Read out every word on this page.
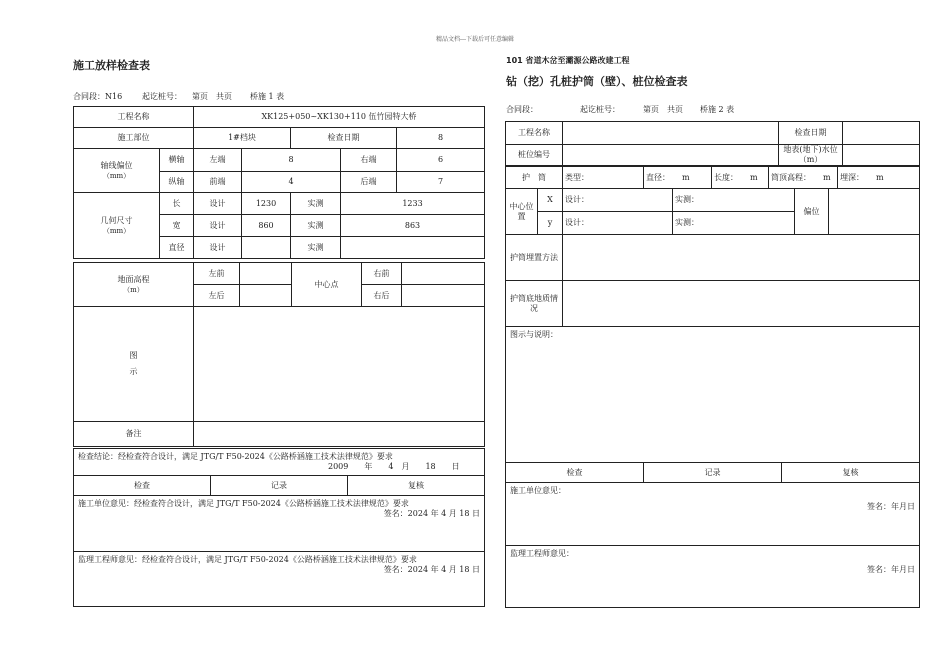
精品文档---下载后可任意编辑
施工放样检查表
合同段：N16 起讫桩号： 第页　共页 桥施 1 表
工程名称		XK125+050~XK130+110 伍竹园特大桥				
施工部位		1#档块		检查日期		8

轴线偏位
（mm）	横轴	左端	8		右端	6
	纵轴	前端	4		后端	7

几何尺寸
（mm）	长	设计	1230	实测	1233	
	宽	设计	860	实测	863	
	直径	设计		实测		
地面高程
（m）	左前		中心点	右前	
	左后			右后	

图
示					

备注					
检查结论：经检查符合设计，满足 JTG/T F50-2024《公路桥涵施工技术法律规范》要求
2009　　 年　　 4　 月　　 18　　 日

检查	记录	复核

施工单位意见：经检查符合设计，满足 JTG/T F50-2024《公路桥涵施工技术法律规范》要求
签名：2024 年 4 月 18 日

监理工程师意见：经检查符合设计，满足 JTG/T F50-2024《公路桥涵施工技术法律规范》要求
签名：2024 年 4 月 18 日
101 省道木岔至灞源公路改建工程
钻（挖）孔桩护筒（壁）、桩位检查表
合同段：	起讫桩号：	第页　共页 桥施 2 表
工程名称		检查日期	
桩位编号		地表(地下)水位（m）	
护　筒	类型：	直径：　　 m	长度：　　 m	筒顶高程：　　 m	埋深：　　 m
中心位置	X	设计：	实测：	偏位	
	y	设计：	实测：		
护筒埋置方法	
护筒底地质情况	
图示与说明：	
检查	记录	复核

施工单位意见：
签名：年月日

监理工程师意见：
签名：年月日
